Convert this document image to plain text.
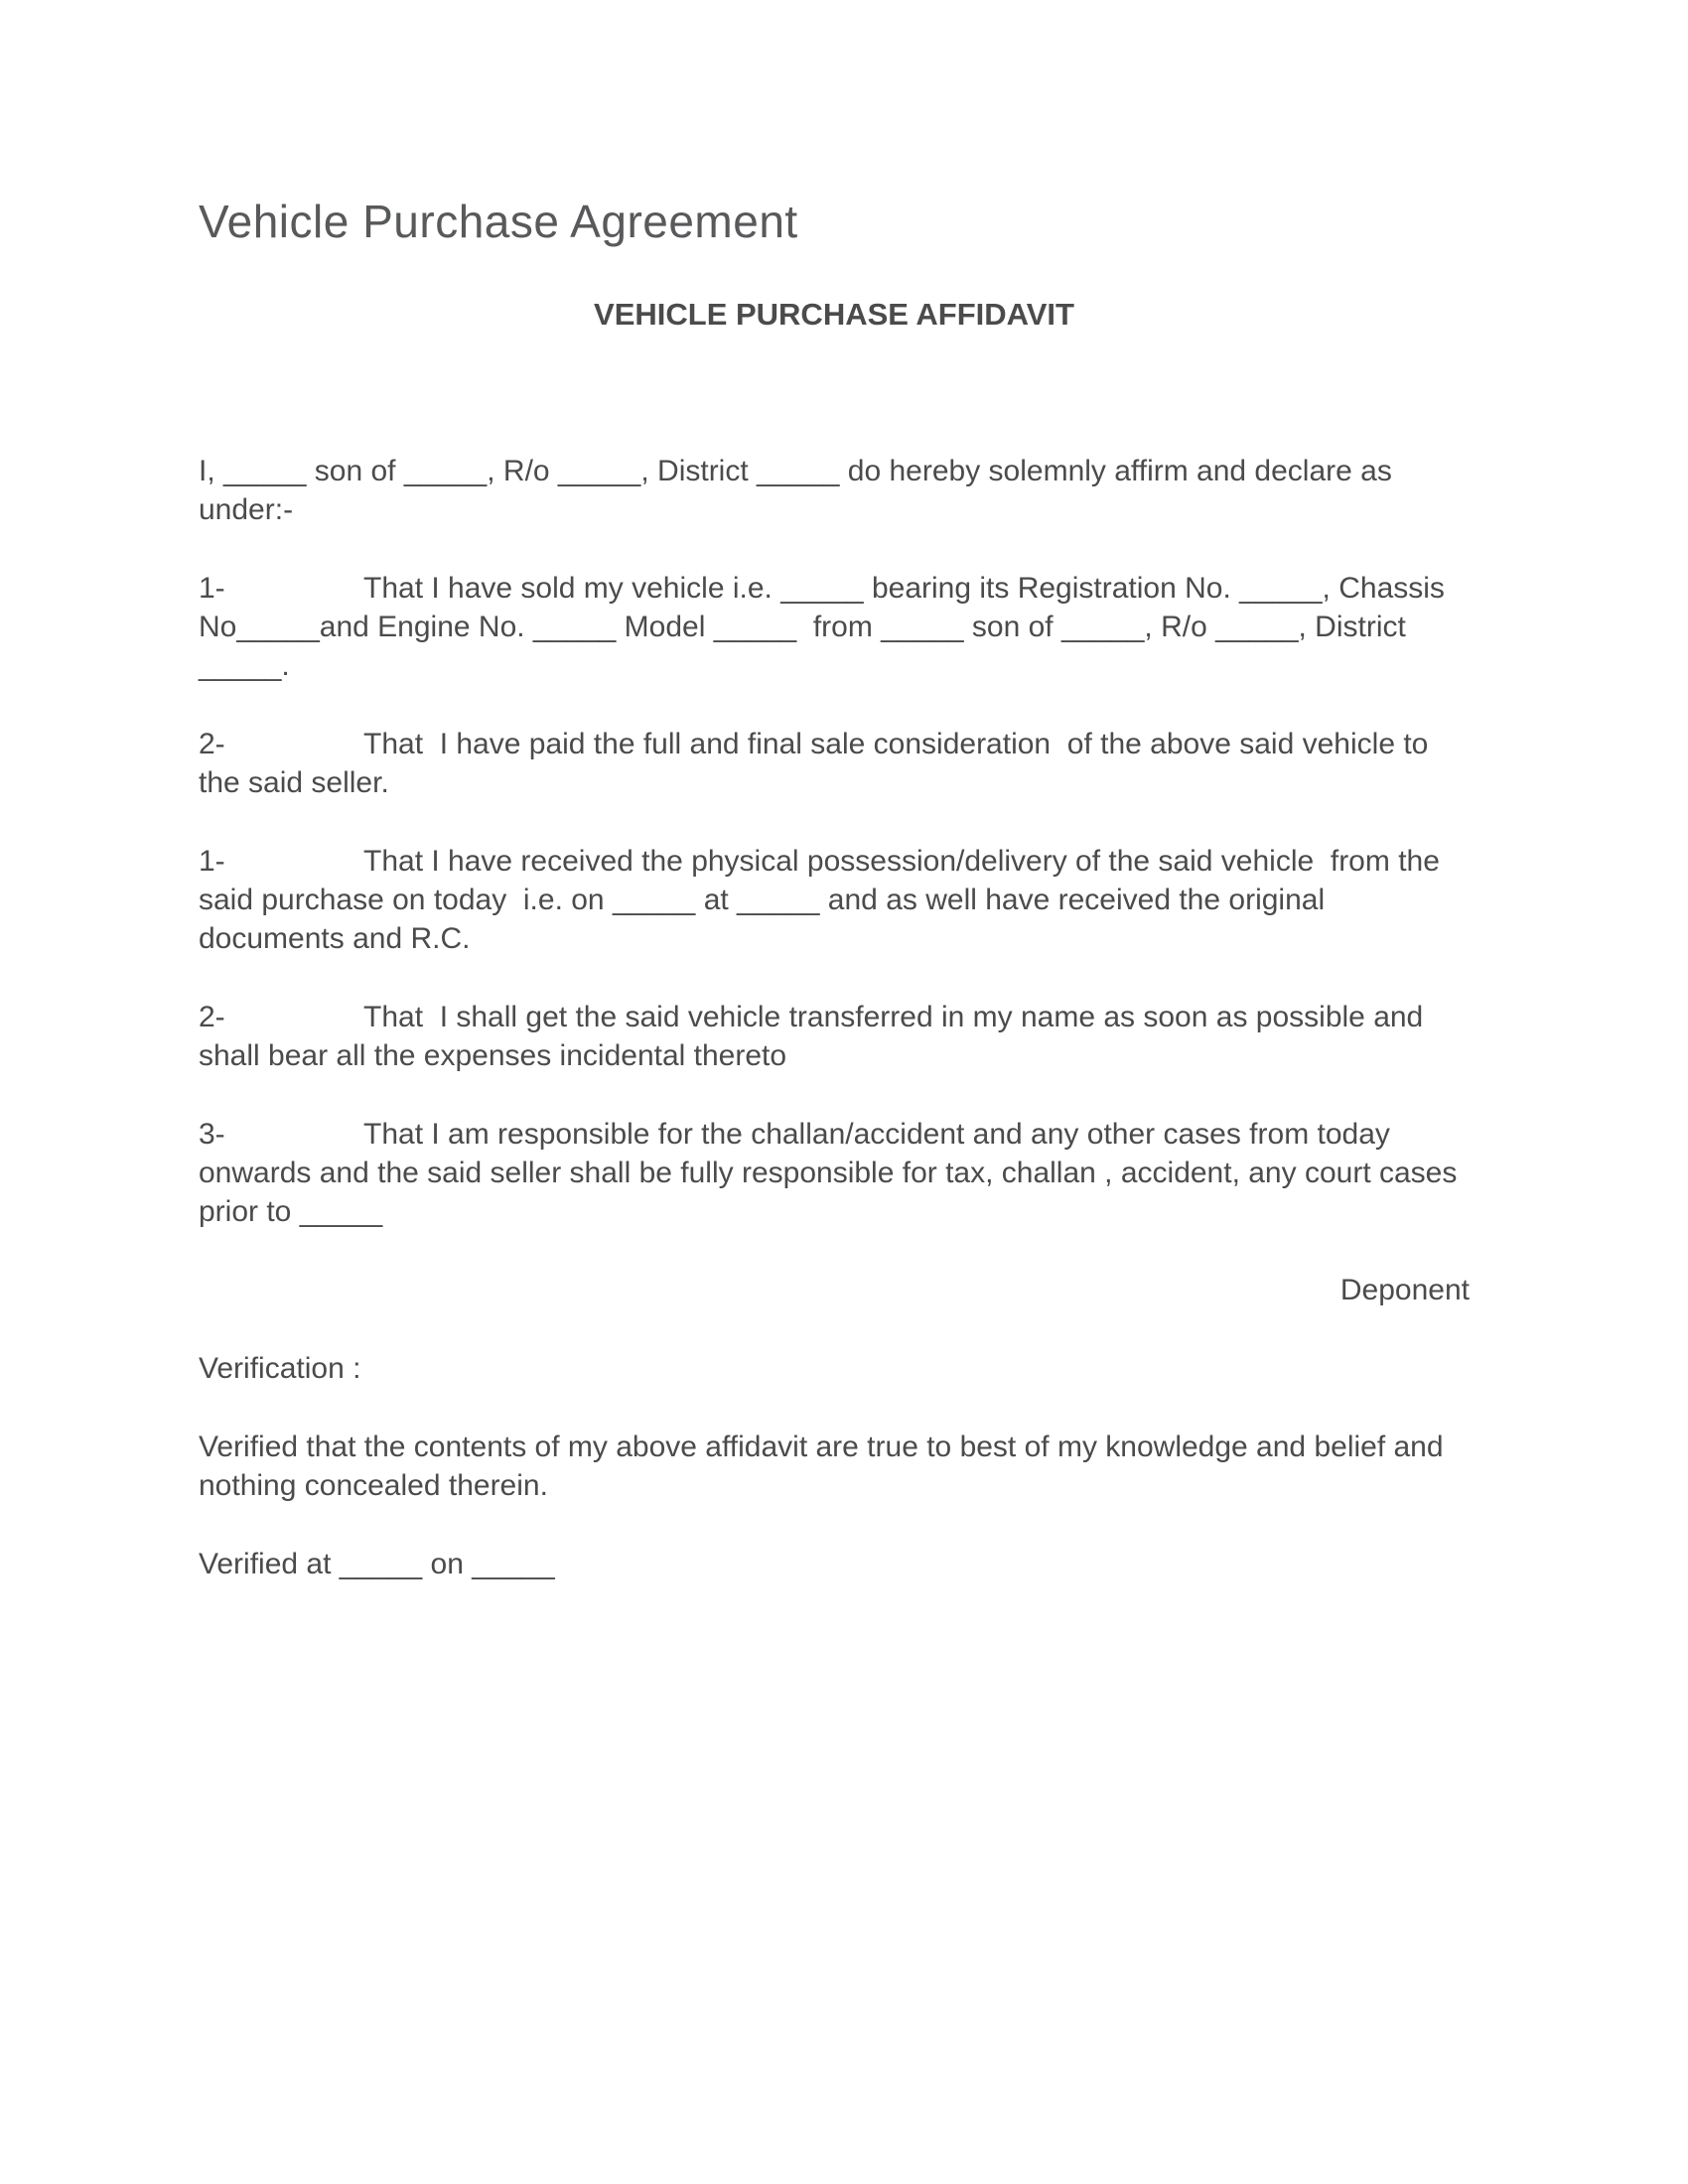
Vehicle Purchase Agreement
VEHICLE PURCHASE AFFIDAVIT

I, _____ son of _____, R/o _____, District _____ do hereby solemnly affirm and declare as under:-

1-	That I have sold my vehicle i.e. _____ bearing its Registration No. _____, Chassis No_____and Engine No. _____ Model _____  from _____ son of _____, R/o _____, District _____.

2-	That  I have paid the full and final sale consideration  of the above said vehicle to the said seller.

1-	That I have received the physical possession/delivery of the said vehicle  from the said purchase on today  i.e. on _____ at _____ and as well have received the original documents and R.C.

2-	That  I shall get the said vehicle transferred in my name as soon as possible and shall bear all the expenses incidental thereto

3-	That I am responsible for the challan/accident and any other cases from today onwards and the said seller shall be fully responsible for tax, challan , accident, any court cases prior to _____

Deponent

Verification :

Verified that the contents of my above affidavit are true to best of my knowledge and belief and nothing concealed therein.

Verified at _____ on _____
